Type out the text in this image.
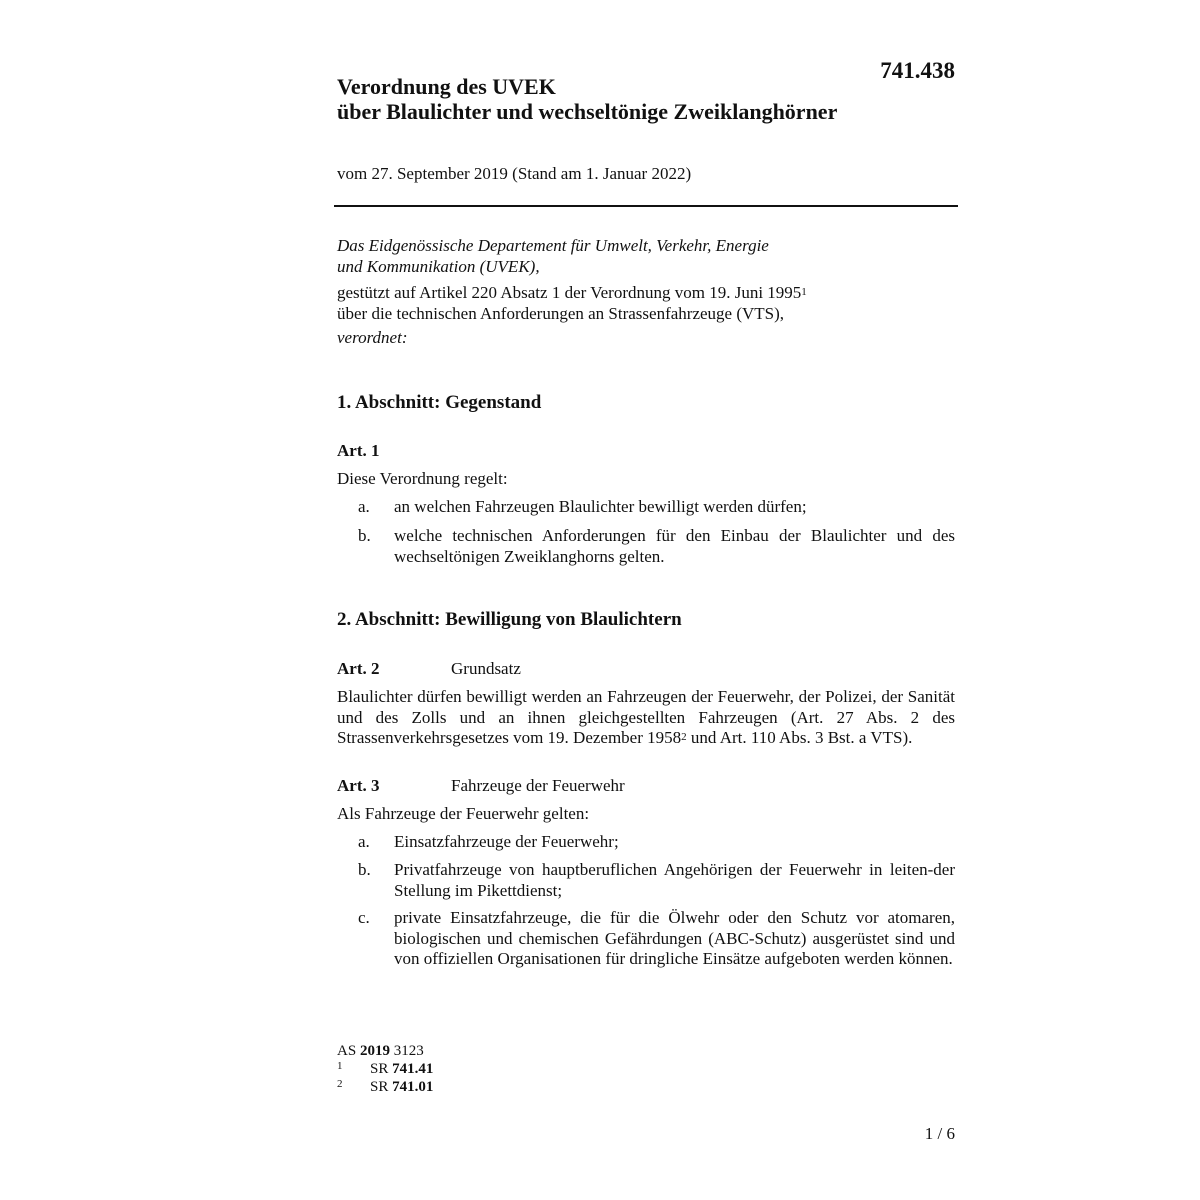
741.438
Verordnung des UVEK
über Blaulichter und wechseltönige Zweiklanghörner
vom 27. September 2019 (Stand am 1. Januar 2022)
Das Eidgenössische Departement für Umwelt, Verkehr, Energie
und Kommunikation (UVEK),
gestützt auf Artikel 220 Absatz 1 der Verordnung vom 19. Juni 1995$^1$
über die technischen Anforderungen an Strassenfahrzeuge (VTS),
verordnet:
1. Abschnitt: Gegenstand
Art. 1
Diese Verordnung regelt:
a. an welchen Fahrzeugen Blaulichter bewilligt werden dürfen;
b. welche technischen Anforderungen für den Einbau der Blaulichter und des wechseltönigen Zweiklanghorns gelten.
2. Abschnitt: Bewilligung von Blaulichtern
Art. 2	Grundsatz
Blaulichter dürfen bewilligt werden an Fahrzeugen der Feuerwehr, der Polizei, der Sanität und des Zolls und an ihnen gleichgestellten Fahrzeugen (Art. 27 Abs. 2 des Strassenverkehrsgesetzes vom 19. Dezember 1958$^2$ und Art. 110 Abs. 3 Bst. a VTS).
Art. 3	Fahrzeuge der Feuerwehr
Als Fahrzeuge der Feuerwehr gelten:
a. Einsatzfahrzeuge der Feuerwehr;
b. Privatfahrzeuge von hauptberuflichen Angehörigen der Feuerwehr in leiten-der Stellung im Pikettdienst;
c. private Einsatzfahrzeuge, die für die Ölwehr oder den Schutz vor atomaren, biologischen und chemischen Gefährdungen (ABC-Schutz) ausgerüstet sind und von offiziellen Organisationen für dringliche Einsätze aufgeboten werden können.
AS 2019 3123
$^1$ SR 741.41
$^2$ SR 741.01
1 / 6
